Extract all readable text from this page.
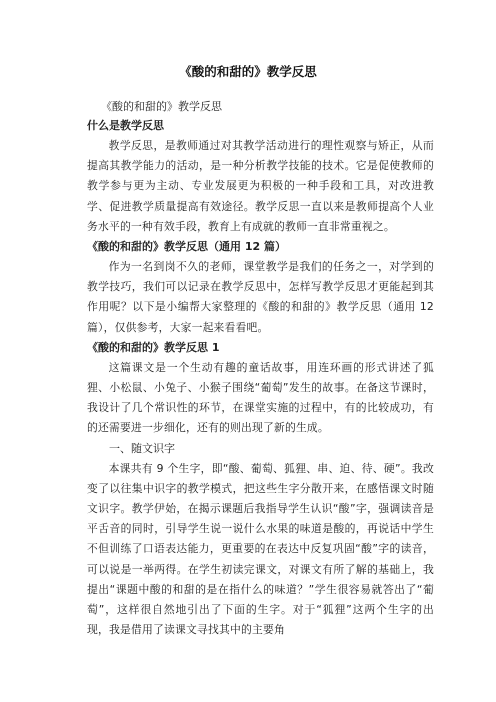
《酸的和甜的》教学反思

《酸的和甜的》教学反思

什么是教学反思

教学反思，是教师通过对其教学活动进行的理性观察与矫正，从而提高其教学能力的活动，是一种分析教学技能的技术。它是促使教师的教学参与更为主动、专业发展更为积极的一种手段和工具，对改进教学、促进教学质量提高有效途径。教学反思一直以来是教师提高个人业务水平的一种有效手段，教育上有成就的教师一直非常重视之。

《酸的和甜的》教学反思（通用 12 篇）

作为一名到岗不久的老师，课堂教学是我们的任务之一，对学到的教学技巧，我们可以记录在教学反思中，怎样写教学反思才更能起到其作用呢？以下是小编帮大家整理的《酸的和甜的》教学反思（通用 12 篇），仅供参考，大家一起来看看吧。

《酸的和甜的》教学反思 1

这篇课文是一个生动有趣的童话故事，用连环画的形式讲述了狐狸、小松鼠、小兔子、小猴子围绕“葡萄”发生的故事。在备这节课时，我设计了几个常识性的环节，在课堂实施的过程中，有的比较成功，有的还需要进一步细化，还有的则出现了新的生成。

一、随文识字

本课共有 9 个生字，即“酸、葡萄、狐狸、串、迫、待、硬”。我改变了以往集中识字的教学模式，把这些生字分散开来，在感悟课文时随文识字。教学伊始，在揭示课题后我指导学生认识“酸”字，强调读音是平舌音的同时，引导学生说一说什么水果的味道是酸的，再说话中学生不但训练了口语表达能力，更重要的在表达中反复巩固“酸”字的读音，可以说是一举两得。在学生初读完课文，对课文有所了解的基础上，我提出“课题中酸的和甜的是在指什么的味道？”学生很容易就答出了“葡萄”，这样很自然地引出了下面的生字。对于“狐狸”这两个生字的出现，我是借用了读课文寻找其中的主要角
